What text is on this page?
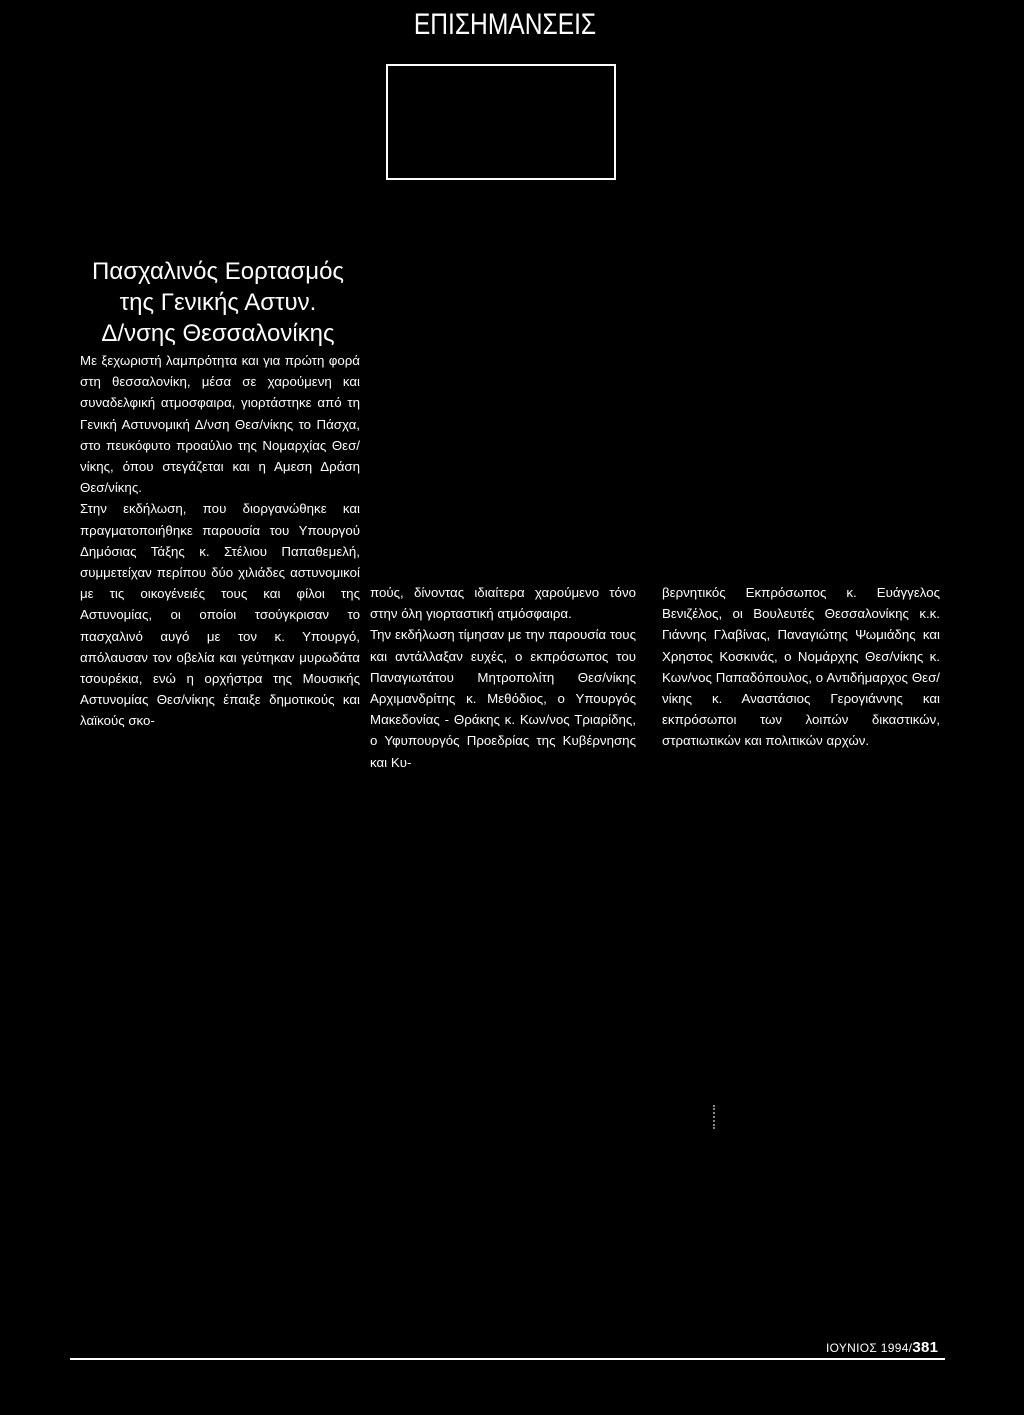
ΕΠΙΣΗΜΑΝΣΕΙΣ
Πασχαλινός Εορτασμός
της Γενικής Αστυν.
Δ/νσης Θεσσαλονίκης

Με ξεχωριστή λαμπρότητα και για πρώτη φορά στη θεσσαλονίκη, μέσα σε χαρούμενη και συναδελφική ατμοσφαιρα, γιορτάστηκε από τη Γενική Αστυνομική Δ/νση Θεσ/νίκης το Πάσχα, στο πευκόφυτο προαύλιο της Νομαρχίας Θεσ/νίκης, όπου στεγάζεται και η Αμεση Δράση Θεσ/νίκης.

Στην εκδήλωση, που διοργανώθηκε και πραγματοποιήθηκε παρουσία του Υπουργού Δημόσιας Τάξης κ. Στέλιου Παπαθεμελή, συμμετείχαν περίπου δύο χιλιάδες αστυνομικοί με τις οικογένειές τους και φίλοι της Αστυνομίας, οι οποίοι τσούγκρισαν το πασχαλινό αυγό με τον κ. Υπουργό, απόλαυσαν τον οβελία και γεύτηκαν μυρωδάτα τσουρέκια, ενώ η ορχήστρα της Μουσικής Αστυνομίας Θεσ/νίκης έπαιξε δημοτικούς και λαϊκούς σκο-

πούς, δίνοντας ιδιαίτερα χαρούμενο τόνο στην όλη γιορταστική ατμόσφαιρα.

Την εκδήλωση τίμησαν με την παρουσία τους και αντάλλαξαν ευχές, ο εκπρόσωπος του Παναγιωτάτου Μητροπολίτη Θεσ/νίκης Αρχιμανδρίτης κ. Μεθόδιος, ο Υπουργός Μακεδονίας - Θράκης κ. Κων/νος Τριαρίδης, ο Υφυπουργός Προεδρίας της Κυβέρνησης και Κυ-

βερνητικός Εκπρόσωπος κ. Ευάγγελος Βενιζέλος, οι Βουλευτές Θεσσαλονίκης κ.κ. Γιάννης Γλαβίνας, Παναγιώτης Ψωμιάδης και Χρηστος Κοσκινάς, ο Νομάρχης Θεσ/νίκης κ. Κων/νος Παπαδόπουλος, ο Αντιδήμαρχος Θεσ/νίκης κ. Αναστάσιος Γερογιάννης και εκπρόσωποι των λοιπών δικαστικών, στρατιωτικών και πολιτικών αρχών.

ΙΟΥΝΙΟΣ 1994/381
